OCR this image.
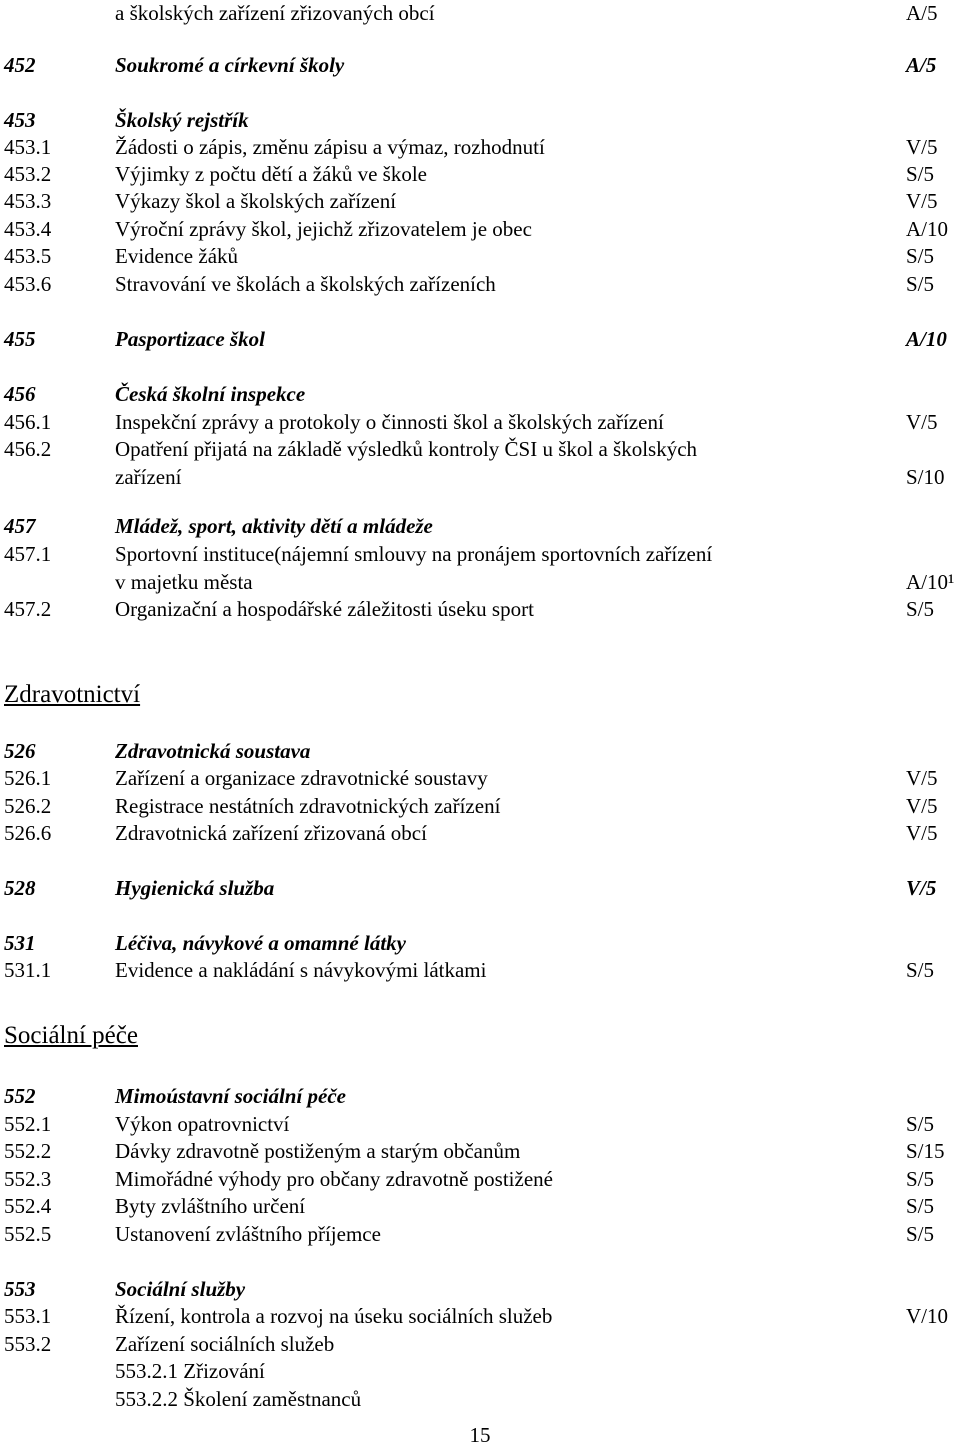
a školských zařízení zřizovaných obcí	A/5
452	Soukromé a církevní školy	A/5
453	Školský rejstřík
453.1	Žádosti o zápis, změnu zápisu a výmaz, rozhodnutí	V/5
453.2	Výjimky z počtu dětí a žáků ve škole	S/5
453.3	Výkazy škol a školských zařízení	V/5
453.4	Výroční zprávy škol, jejichž zřizovatelem je obec	A/10
453.5	Evidence žáků	S/5
453.6	Stravování ve školách a školských zařízeních	S/5
455	Pasportizace škol	A/10
456	Česká školní inspekce
456.1	Inspekční zprávy a protokoly o činnosti škol a školských zařízení	V/5
456.2	Opatření přijatá na základě výsledků kontroly ČSI u škol a školských
zařízení	S/10
457	Mládež, sport, aktivity dětí a mládeže
457.1	Sportovní instituce(nájemní smlouvy na pronájem sportovních zařízení
v majetku města	A/10¹
457.2	Organizační a hospodářské záležitosti úseku sport	S/5
526	Zdravotnická soustava
526.1	Zařízení a organizace zdravotnické soustavy	V/5
526.2	Registrace nestátních zdravotnických zařízení	V/5
526.6	Zdravotnická zařízení zřizovaná obcí	V/5
528	Hygienická služba	V/5
531	Léčiva, návykové a omamné látky
531.1	Evidence a nakládání s návykovými látkami	S/5
552	Mimoústavní sociální péče
552.1	Výkon opatrovnictví	S/5
552.2	Dávky zdravotně postiženým a starým občanům	S/15
552.3	Mimořádné výhody pro občany zdravotně postižené	S/5
552.4	Byty zvláštního určení	S/5
552.5	Ustanovení zvláštního příjemce	S/5
553	Sociální služby
553.1	Řízení, kontrola a rozvoj na úseku sociálních služeb	V/10
553.2	Zařízení sociálních služeb
553.2.1 Zřizování
553.2.2 Školení zaměstnanců
Zdravotnictví
Sociální péče
15
